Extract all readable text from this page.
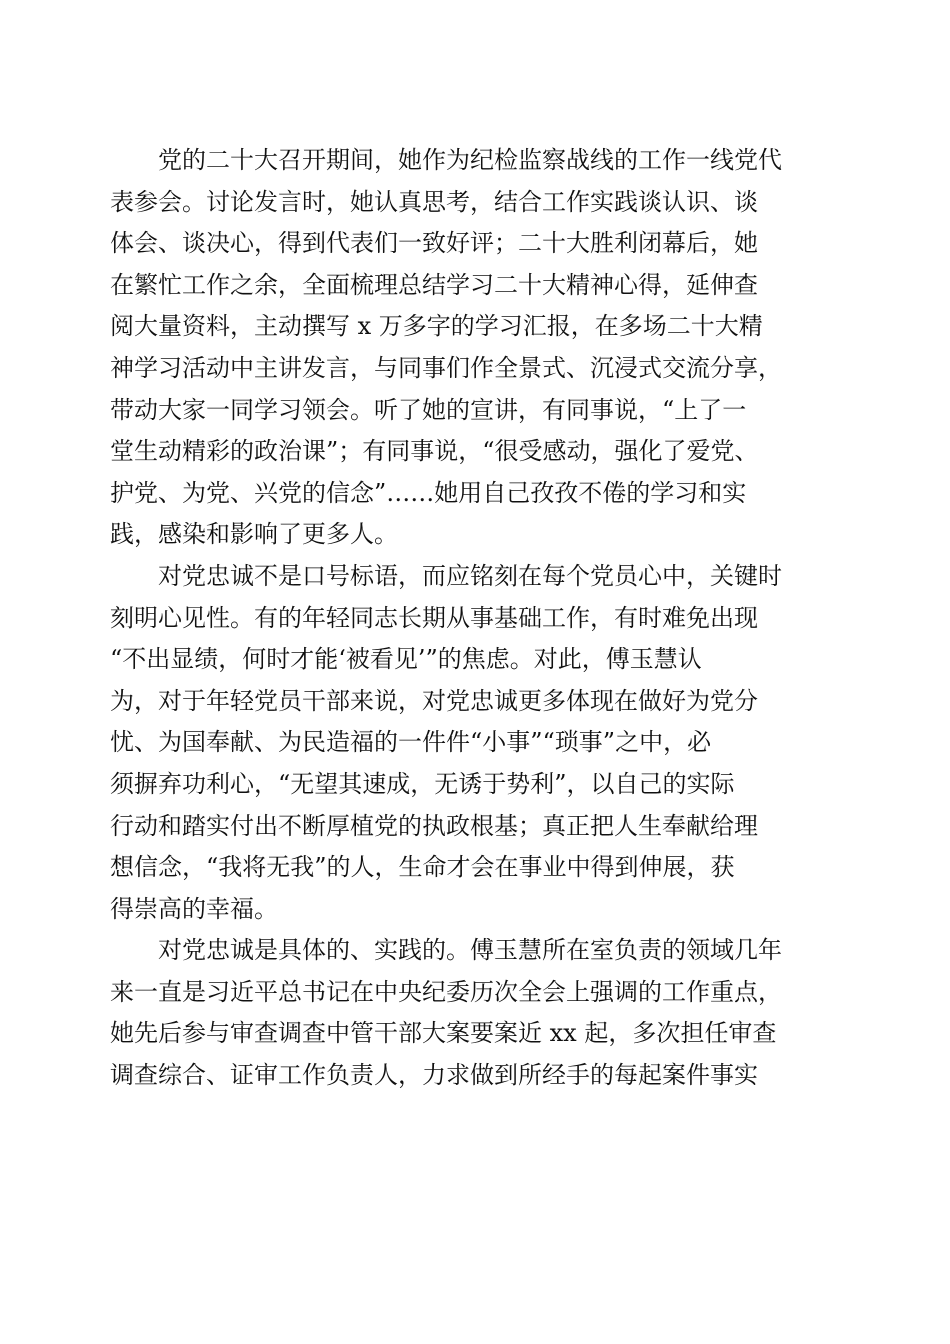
党的二十大召开期间，她作为纪检监察战线的工作一线党代
表参会。讨论发言时，她认真思考，结合工作实践谈认识、谈
体会、谈决心，得到代表们一致好评；二十大胜利闭幕后，她
在繁忙工作之余，全面梳理总结学习二十大精神心得，延伸查
阅大量资料，主动撰写 x 万多字的学习汇报，在多场二十大精
神学习活动中主讲发言，与同事们作全景式、沉浸式交流分享，
带动大家一同学习领会。听了她的宣讲，有同事说，“上了一
堂生动精彩的政治课”；有同事说，“很受感动，强化了爱党、
护党、为党、兴党的信念”……她用自己孜孜不倦的学习和实
践，感染和影响了更多人。

对党忠诚不是口号标语，而应铭刻在每个党员心中，关键时
刻明心见性。有的年轻同志长期从事基础工作，有时难免出现
“不出显绩，何时才能‘被看见’”的焦虑。对此，傅玉慧认
为，对于年轻党员干部来说，对党忠诚更多体现在做好为党分
忧、为国奉献、为民造福的一件件“小事”“琐事”之中，必
须摒弃功利心，“无望其速成，无诱于势利”，以自己的实际
行动和踏实付出不断厚植党的执政根基；真正把人生奉献给理
想信念，“我将无我”的人，生命才会在事业中得到伸展，获
得崇高的幸福。

对党忠诚是具体的、实践的。傅玉慧所在室负责的领域几年
来一直是习近平总书记在中央纪委历次全会上强调的工作重点，
她先后参与审查调查中管干部大案要案近 xx 起，多次担任审查
调查综合、证审工作负责人，力求做到所经手的每起案件事实
